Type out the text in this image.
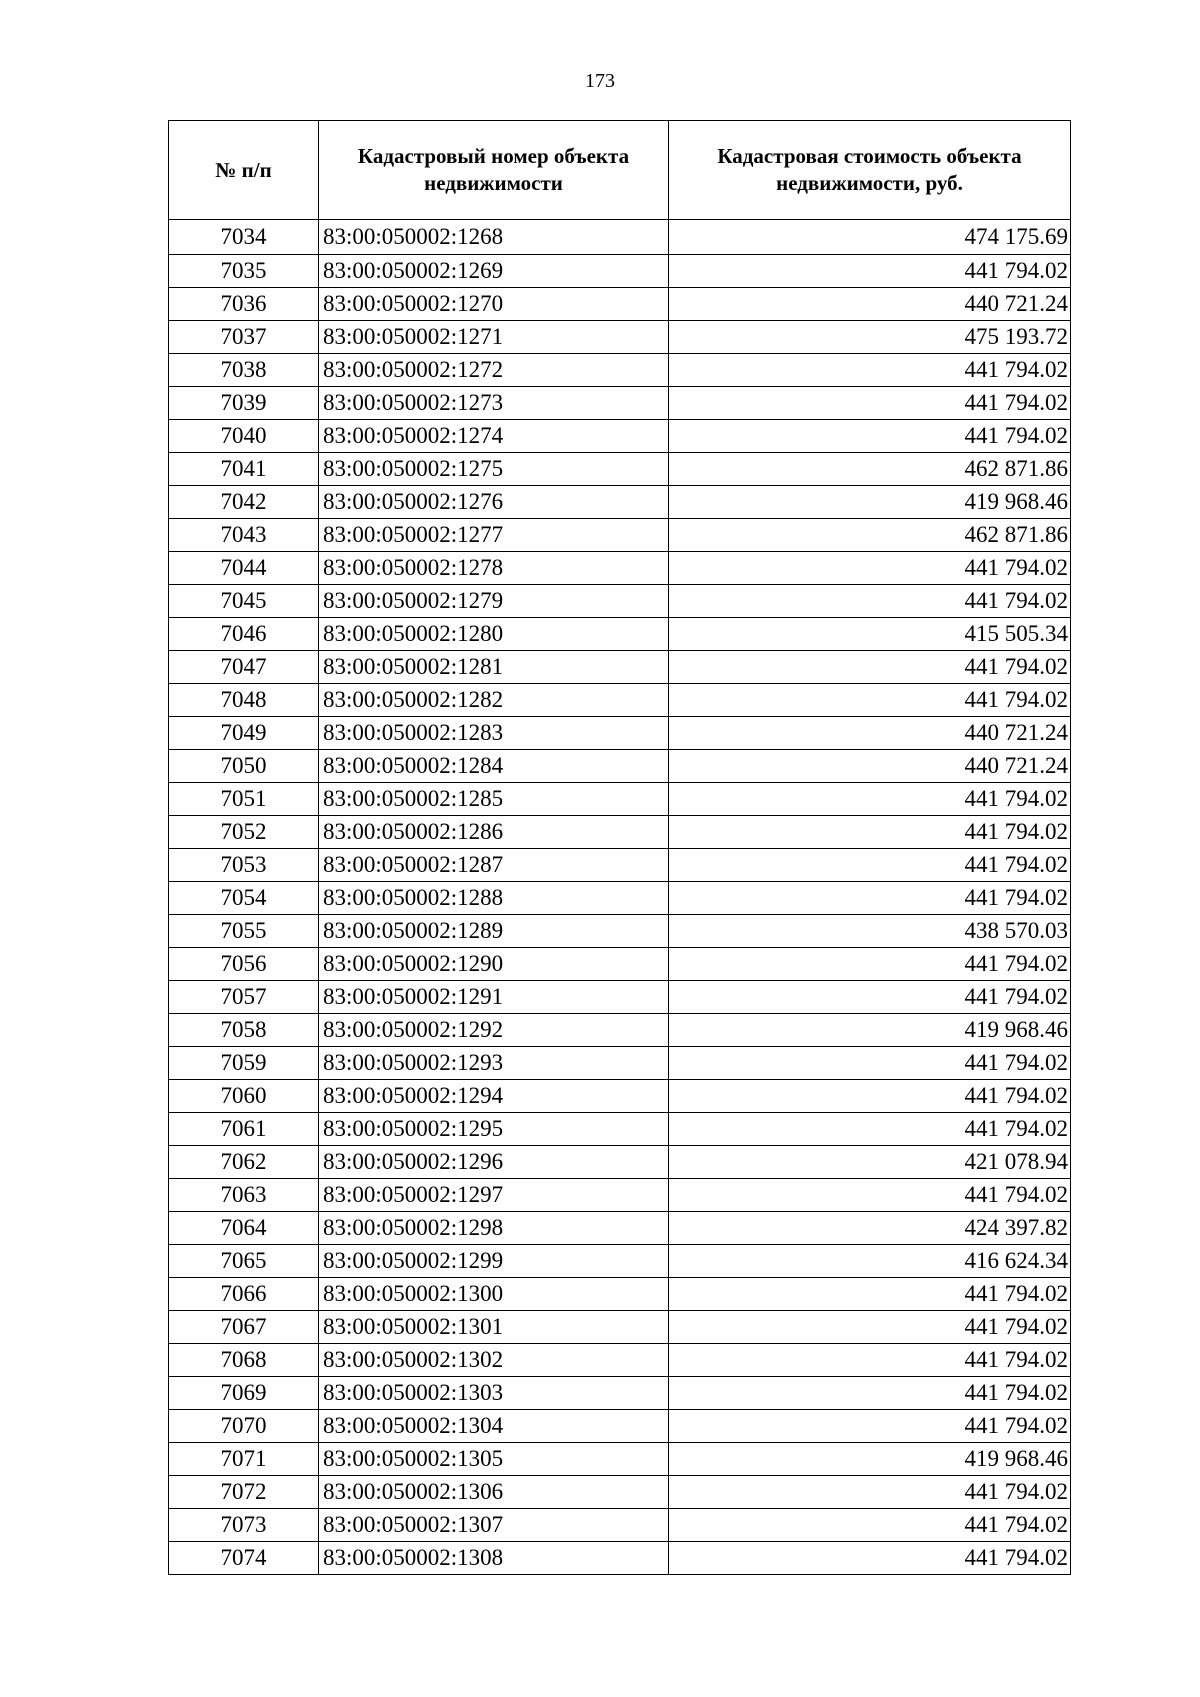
173
№ п/п	Кадастровый номер объекта недвижимости	Кадастровая стоимость объекта недвижимости, руб.
7034	83:00:050002:1268	474 175.69
7035	83:00:050002:1269	441 794.02
7036	83:00:050002:1270	440 721.24
7037	83:00:050002:1271	475 193.72
7038	83:00:050002:1272	441 794.02
7039	83:00:050002:1273	441 794.02
7040	83:00:050002:1274	441 794.02
7041	83:00:050002:1275	462 871.86
7042	83:00:050002:1276	419 968.46
7043	83:00:050002:1277	462 871.86
7044	83:00:050002:1278	441 794.02
7045	83:00:050002:1279	441 794.02
7046	83:00:050002:1280	415 505.34
7047	83:00:050002:1281	441 794.02
7048	83:00:050002:1282	441 794.02
7049	83:00:050002:1283	440 721.24
7050	83:00:050002:1284	440 721.24
7051	83:00:050002:1285	441 794.02
7052	83:00:050002:1286	441 794.02
7053	83:00:050002:1287	441 794.02
7054	83:00:050002:1288	441 794.02
7055	83:00:050002:1289	438 570.03
7056	83:00:050002:1290	441 794.02
7057	83:00:050002:1291	441 794.02
7058	83:00:050002:1292	419 968.46
7059	83:00:050002:1293	441 794.02
7060	83:00:050002:1294	441 794.02
7061	83:00:050002:1295	441 794.02
7062	83:00:050002:1296	421 078.94
7063	83:00:050002:1297	441 794.02
7064	83:00:050002:1298	424 397.82
7065	83:00:050002:1299	416 624.34
7066	83:00:050002:1300	441 794.02
7067	83:00:050002:1301	441 794.02
7068	83:00:050002:1302	441 794.02
7069	83:00:050002:1303	441 794.02
7070	83:00:050002:1304	441 794.02
7071	83:00:050002:1305	419 968.46
7072	83:00:050002:1306	441 794.02
7073	83:00:050002:1307	441 794.02
7074	83:00:050002:1308	441 794.02
